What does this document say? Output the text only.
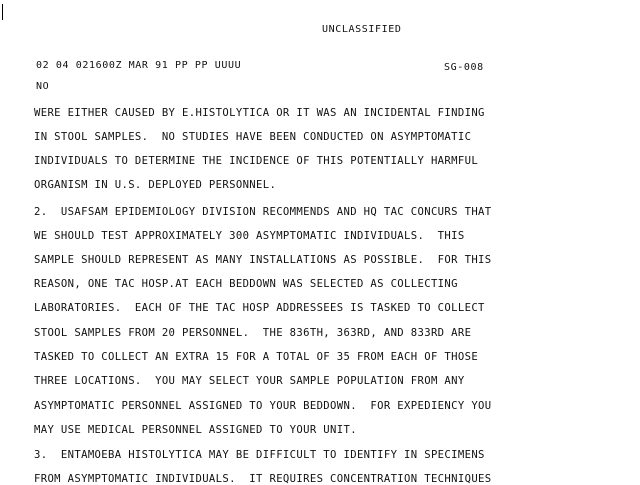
UNCLASSIFIED
02 04 021600Z MAR 91 PP PP UUUU	SG-008
NO
WERE EITHER CAUSED BY E.HISTOLYTICA OR IT WAS AN INCIDENTAL FINDING
IN STOOL SAMPLES.  NO STUDIES HAVE BEEN CONDUCTED ON ASYMPTOMATIC
INDIVIDUALS TO DETERMINE THE INCIDENCE OF THIS POTENTIALLY HARMFUL
ORGANISM IN U.S. DEPLOYED PERSONNEL.
2.  USAFSAM EPIDEMIOLOGY DIVISION RECOMMENDS AND HQ TAC CONCURS THAT
WE SHOULD TEST APPROXIMATELY 300 ASYMPTOMATIC INDIVIDUALS.  THIS
SAMPLE SHOULD REPRESENT AS MANY INSTALLATIONS AS POSSIBLE.  FOR THIS
REASON, ONE TAC HOSP.AT EACH BEDDOWN WAS SELECTED AS COLLECTING
LABORATORIES.  EACH OF THE TAC HOSP ADDRESSEES IS TASKED TO COLLECT
STOOL SAMPLES FROM 20 PERSONNEL.  THE 836TH, 363RD, AND 833RD ARE
TASKED TO COLLECT AN EXTRA 15 FOR A TOTAL OF 35 FROM EACH OF THOSE
THREE LOCATIONS.  YOU MAY SELECT YOUR SAMPLE POPULATION FROM ANY
ASYMPTOMATIC PERSONNEL ASSIGNED TO YOUR BEDDOWN.  FOR EXPEDIENCY YOU
MAY USE MEDICAL PERSONNEL ASSIGNED TO YOUR UNIT.
3.  ENTAMOEBA HISTOLYTICA MAY BE DIFFICULT TO IDENTIFY IN SPECIMENS
FROM ASYMPTOMATIC INDIVIDUALS.  IT REQUIRES CONCENTRATION TECHNIQUES
